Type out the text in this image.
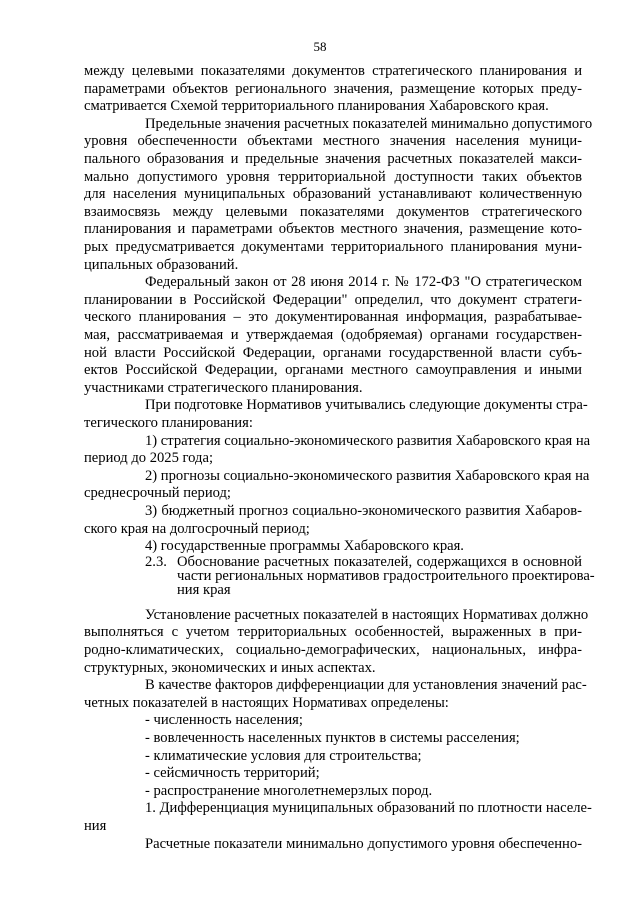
58
между целевыми показателями документов стратегического планирования и
параметрами объектов регионального значения, размещение которых преду-
сматривается Схемой территориального планирования Хабаровского края.
Предельные значения расчетных показателей минимально допустимого
уровня обеспеченности объектами местного значения населения муници-
пального образования и предельные значения расчетных показателей макси-
мально допустимого уровня территориальной доступности таких объектов
для населения муниципальных образований устанавливают количественную
взаимосвязь между целевыми показателями документов стратегического
планирования и параметрами объектов местного значения, размещение кото-
рых предусматривается документами территориального планирования муни-
ципальных образований.
Федеральный закон от 28 июня 2014 г. № 172-ФЗ "О стратегическом
планировании в Российской Федерации" определил, что документ стратеги-
ческого планирования – это документированная информация, разрабатывае-
мая, рассматриваемая и утверждаемая (одобряемая) органами государствен-
ной власти Российской Федерации, органами государственной власти субъ-
ектов Российской Федерации, органами местного самоуправления и иными
участниками стратегического планирования.
При подготовке Нормативов учитывались следующие документы стра-
тегического планирования:
1) стратегия социально-экономического развития Хабаровского края на
период до 2025 года;
2) прогнозы социально-экономического развития Хабаровского края на
среднесрочный период;
3) бюджетный прогноз социально-экономического развития Хабаров-
ского края на долгосрочный период;
4) государственные программы Хабаровского края.
2.3. Обоснование расчетных показателей, содержащихся в основной
части региональных нормативов градостроительного проектирова-
ния края
Установление расчетных показателей в настоящих Нормативах должно
выполняться с учетом территориальных особенностей, выраженных в при-
родно-климатических, социально-демографических, национальных, инфра-
структурных, экономических и иных аспектах.
В качестве факторов дифференциации для установления значений рас-
четных показателей в настоящих Нормативах определены:
- численность населения;
- вовлеченность населенных пунктов в системы расселения;
- климатические условия для строительства;
- сейсмичность территорий;
- распространение многолетнемерзлых пород.
1. Дифференциация муниципальных образований по плотности населе-
ния
Расчетные показатели минимально допустимого уровня обеспеченно-
